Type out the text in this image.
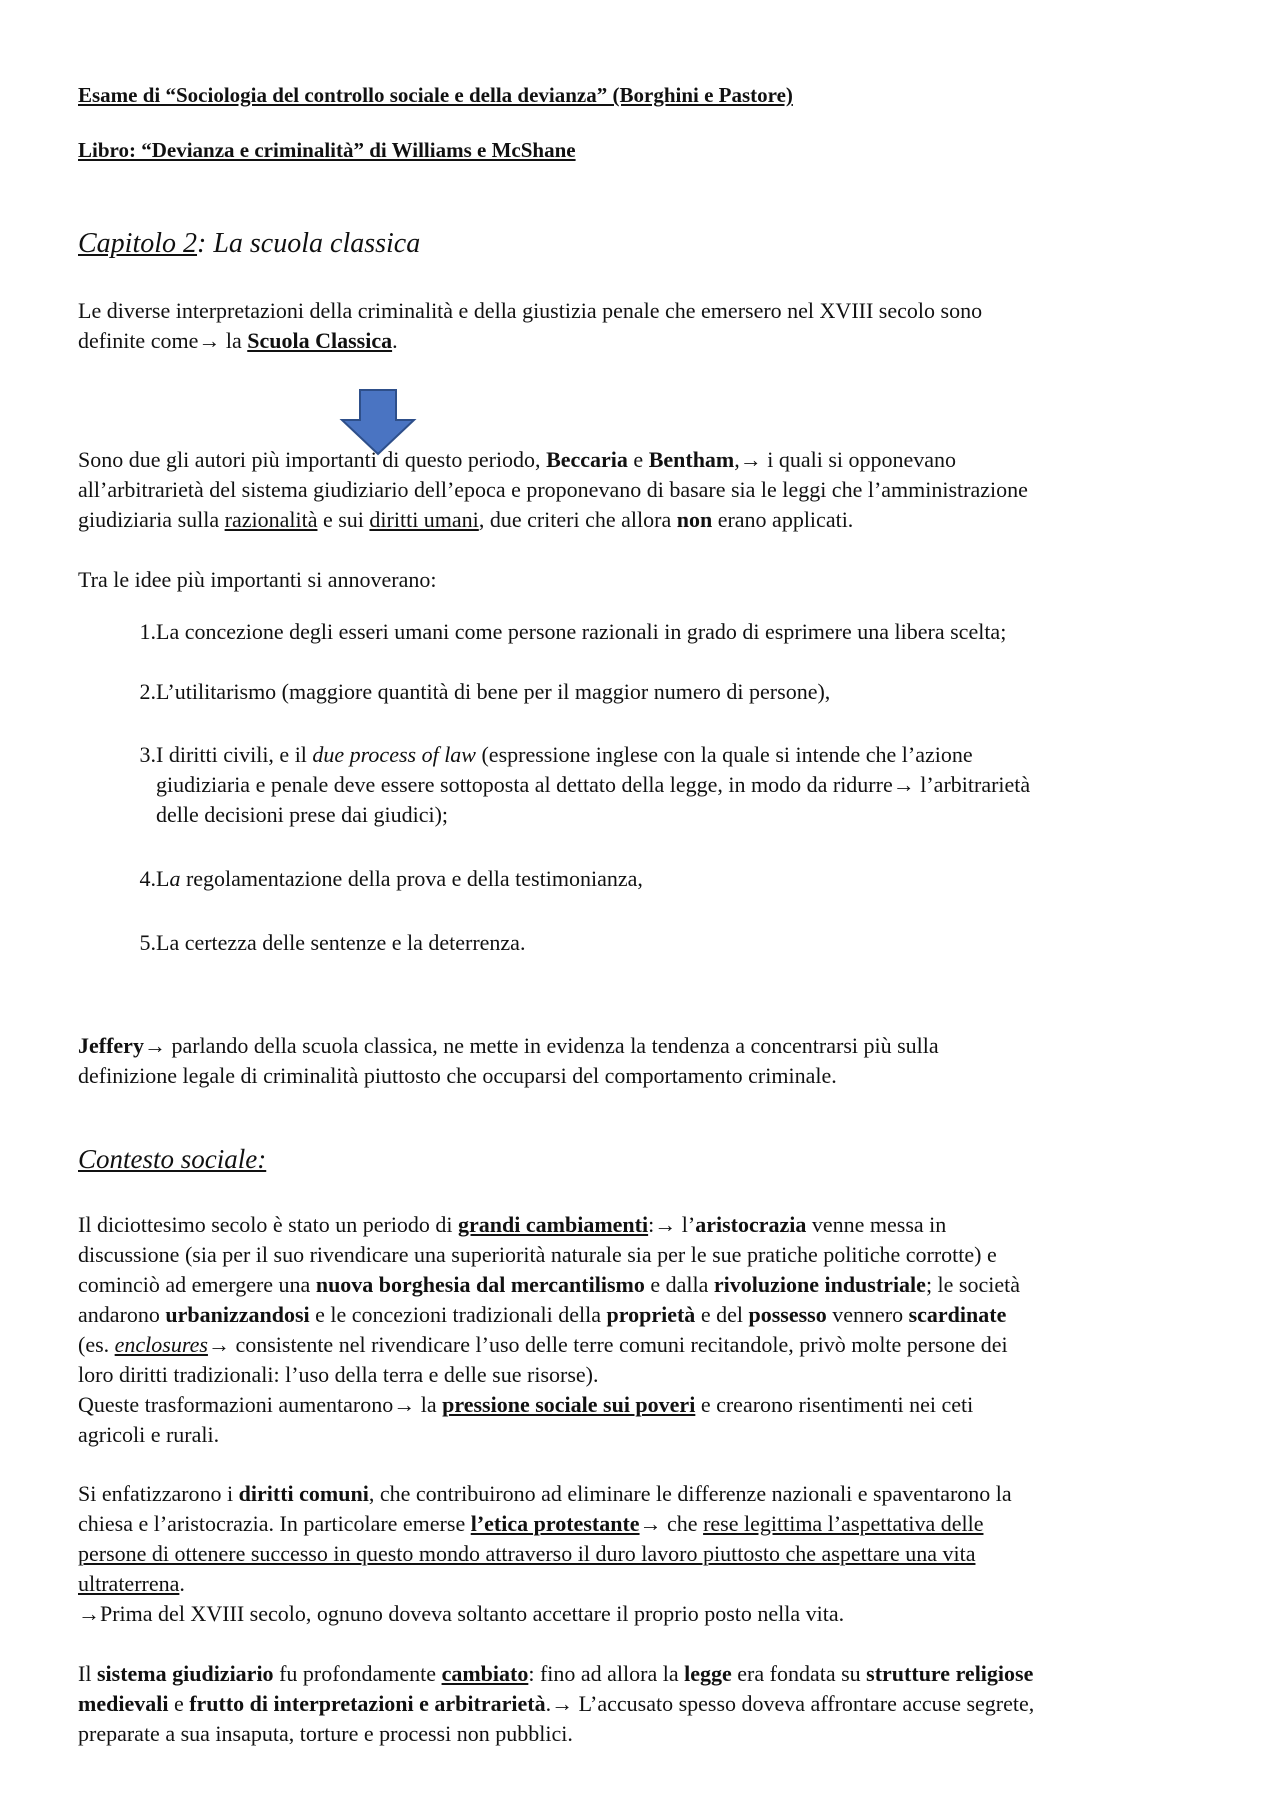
Esame di “Sociologia del controllo sociale e della devianza” (Borghini e Pastore)
Libro: “Devianza e criminalità” di Williams e McShane
Capitolo 2: La scuola classica
Le diverse interpretazioni della criminalità e della giustizia penale che emersero nel XVIII secolo sono
definite come→ la Scuola Classica.
Sono due gli autori più importanti di questo periodo, Beccaria e Bentham,→ i quali si opponevano
all’arbitrarietà del sistema giudiziario dell’epoca e proponevano di basare sia le leggi che l’amministrazione
giudiziaria sulla razionalità e sui diritti umani, due criteri che allora non erano applicati.
Tra le idee più importanti si annoverano:
1. La concezione degli esseri umani come persone razionali in grado di esprimere una libera scelta;
2. L’utilitarismo (maggiore quantità di bene per il maggior numero di persone),
3. I diritti civili, e il due process of law (espressione inglese con la quale si intende che l’azione
giudiziaria e penale deve essere sottoposta al dettato della legge, in modo da ridurre→ l’arbitrarietà
delle decisioni prese dai giudici);
4. La regolamentazione della prova e della testimonianza,
5. La certezza delle sentenze e la deterrenza.
Jeffery→ parlando della scuola classica, ne mette in evidenza la tendenza a concentrarsi più sulla
definizione legale di criminalità piuttosto che occuparsi del comportamento criminale.
Contesto sociale:
Il diciottesimo secolo è stato un periodo di grandi cambiamenti:→ l’aristocrazia venne messa in
discussione (sia per il suo rivendicare una superiorità naturale sia per le sue pratiche politiche corrotte) e
cominciò ad emergere una nuova borghesia dal mercantilismo e dalla rivoluzione industriale; le società
andarono urbanizzandosi e le concezioni tradizionali della proprietà e del possesso vennero scardinate
(es. enclosures→ consistente nel rivendicare l’uso delle terre comuni recitandole, privò molte persone dei
loro diritti tradizionali: l’uso della terra e delle sue risorse).
Queste trasformazioni aumentarono→ la pressione sociale sui poveri e crearono risentimenti nei ceti
agricoli e rurali.
Si enfatizzarono i diritti comuni, che contribuirono ad eliminare le differenze nazionali e spaventarono la
chiesa e l’aristocrazia. In particolare emerse l’etica protestante→ che rese legittima l’aspettativa delle
persone di ottenere successo in questo mondo attraverso il duro lavoro piuttosto che aspettare una vita
ultraterrena.
→Prima del XVIII secolo, ognuno doveva soltanto accettare il proprio posto nella vita.
Il sistema giudiziario fu profondamente cambiato: fino ad allora la legge era fondata su strutture religiose
medievali e frutto di interpretazioni e arbitrarietà.→ L’accusato spesso doveva affrontare accuse segrete,
preparate a sua insaputa, torture e processi non pubblici.
